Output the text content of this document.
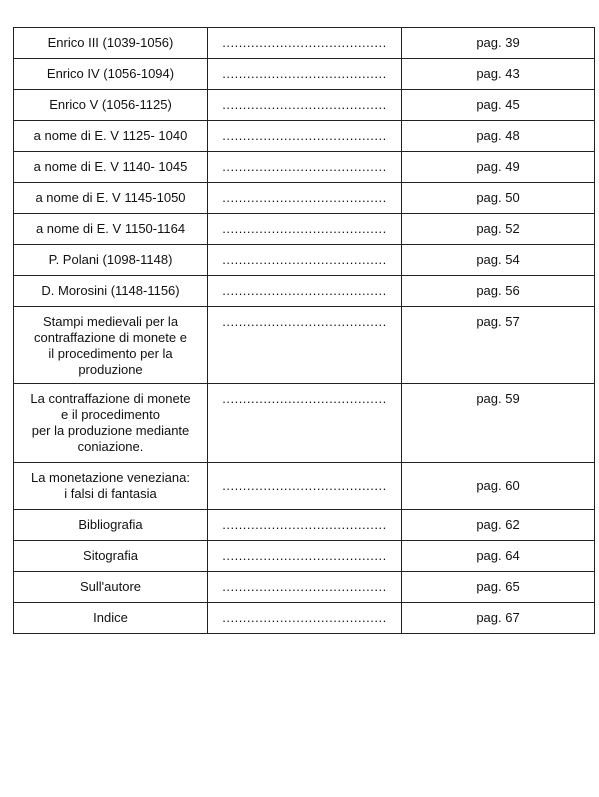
Enrico III (1039-1056)	........................................	pag. 39
Enrico IV (1056-1094)	........................................	pag. 43
Enrico V (1056-1125)	........................................	pag. 45
a nome di E. V 1125- 1040	........................................	pag. 48
a nome di E. V 1140- 1045	........................................	pag. 49
a nome di E. V 1145-1050	........................................	pag. 50
a nome di E. V 1150-1164	........................................	pag. 52
P. Polani (1098-1148)	........................................	pag. 54
D. Morosini (1148-1156)	........................................	pag. 56
Stampi medievali per la
contraffazione di monete e
il procedimento per la
produzione	........................................	pag. 57
La contraffazione di monete
e il procedimento
per la produzione mediante
coniazione.	........................................	pag. 59
La monetazione veneziana:
i falsi di fantasia	........................................	pag. 60
Bibliografia	........................................	pag. 62
Sitografia	........................................	pag. 64
Sull'autore	........................................	pag. 65
Indice	........................................	pag. 67
